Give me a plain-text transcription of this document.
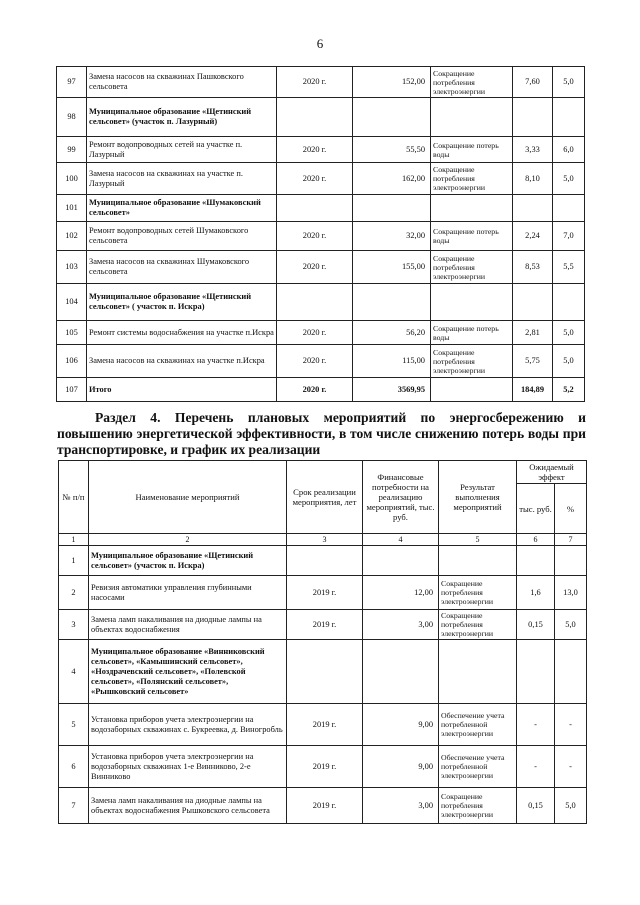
6
97	Замена насосов на скважинах Пашковского сельсовета	2020 г.	152,00	Сокращение потребления электроэнергии	7,60	5,0
98	Муниципальное образование «Щетинский сельсовет» (участок п. Лазурный)					
99	Ремонт водопроводных сетей на участке п. Лазурный	2020 г.	55,50	Сокращение потерь воды	3,33	6,0
100	Замена насосов на скважинах на участке п. Лазурный	2020 г.	162,00	Сокращение потребления электроэнергии	8,10	5,0
101	Муниципальное образование «Шумаковский сельсовет»					
102	Ремонт водопроводных сетей Шумаковского сельсовета	2020 г.	32,00	Сокращение потерь воды	2,24	7,0
103	Замена насосов на скважинах Шумаковского сельсовета	2020 г.	155,00	Сокращение потребления электроэнергии	8,53	5,5
104	Муниципальное образование «Щетинский сельсовет» ( участок п. Искра)					
105	Ремонт системы водоснабжения на участке п.Искра	2020 г.	56,20	Сокращение потерь воды	2,81	5,0
106	Замена насосов на скважинах на участке п.Искра	2020 г.	115,00	Сокращение потребления электроэнергии	5,75	5,0
107	Итого	2020 г.	3569,95		184,89	5,2
Раздел 4. Перечень плановых мероприятий по энергосбережению и повышению энергетической эффективности, в том числе снижению потерь воды при транспортировке, и график их реализации
№ п/п	Наименование мероприятий	Срок реализации мероприятия, лет	Финансовые потребности на реализацию мероприятий, тыс. руб.	Результат выполнения мероприятий	Ожидаемый эффект	
					тыс. руб.	%
1	2	3	4	5	6	7
1	Муниципальное образование «Щетинский сельсовет» (участок п. Искра)					
2	Ревизия автоматики управления глубинными насосами	2019 г.	12,00	Сокращение потребления электроэнергии	1,6	13,0
3	Замена ламп накаливания на диодные лампы на объектах водоснабжения	2019 г.	3,00	Сокращение потребления электроэнергии	0,15	5,0
4	Муниципальное образование «Винниковский сельсовет», «Камышинский сельсовет», «Ноздрачевский сельсовет», «Полевской сельсовет», «Полянский сельсовет», «Рышковский сельсовет»					
5	Установка приборов учета электроэнергии на водозаборных скважинах с. Букреевка, д. Виногробль	2019 г.	9,00	Обеспечение учета потребленной электроэнергии	-	-
6	Установка приборов учета электроэнергии на водозаборных скважинах 1-е Винниково, 2-е Винниково	2019 г.	9,00	Обеспечение учета потребленной электроэнергии	-	-
7	Замена ламп накаливания на диодные лампы на объектах водоснабжения Рышковского сельсовета	2019 г.	3,00	Сокращение потребления электроэнергии	0,15	5,0
